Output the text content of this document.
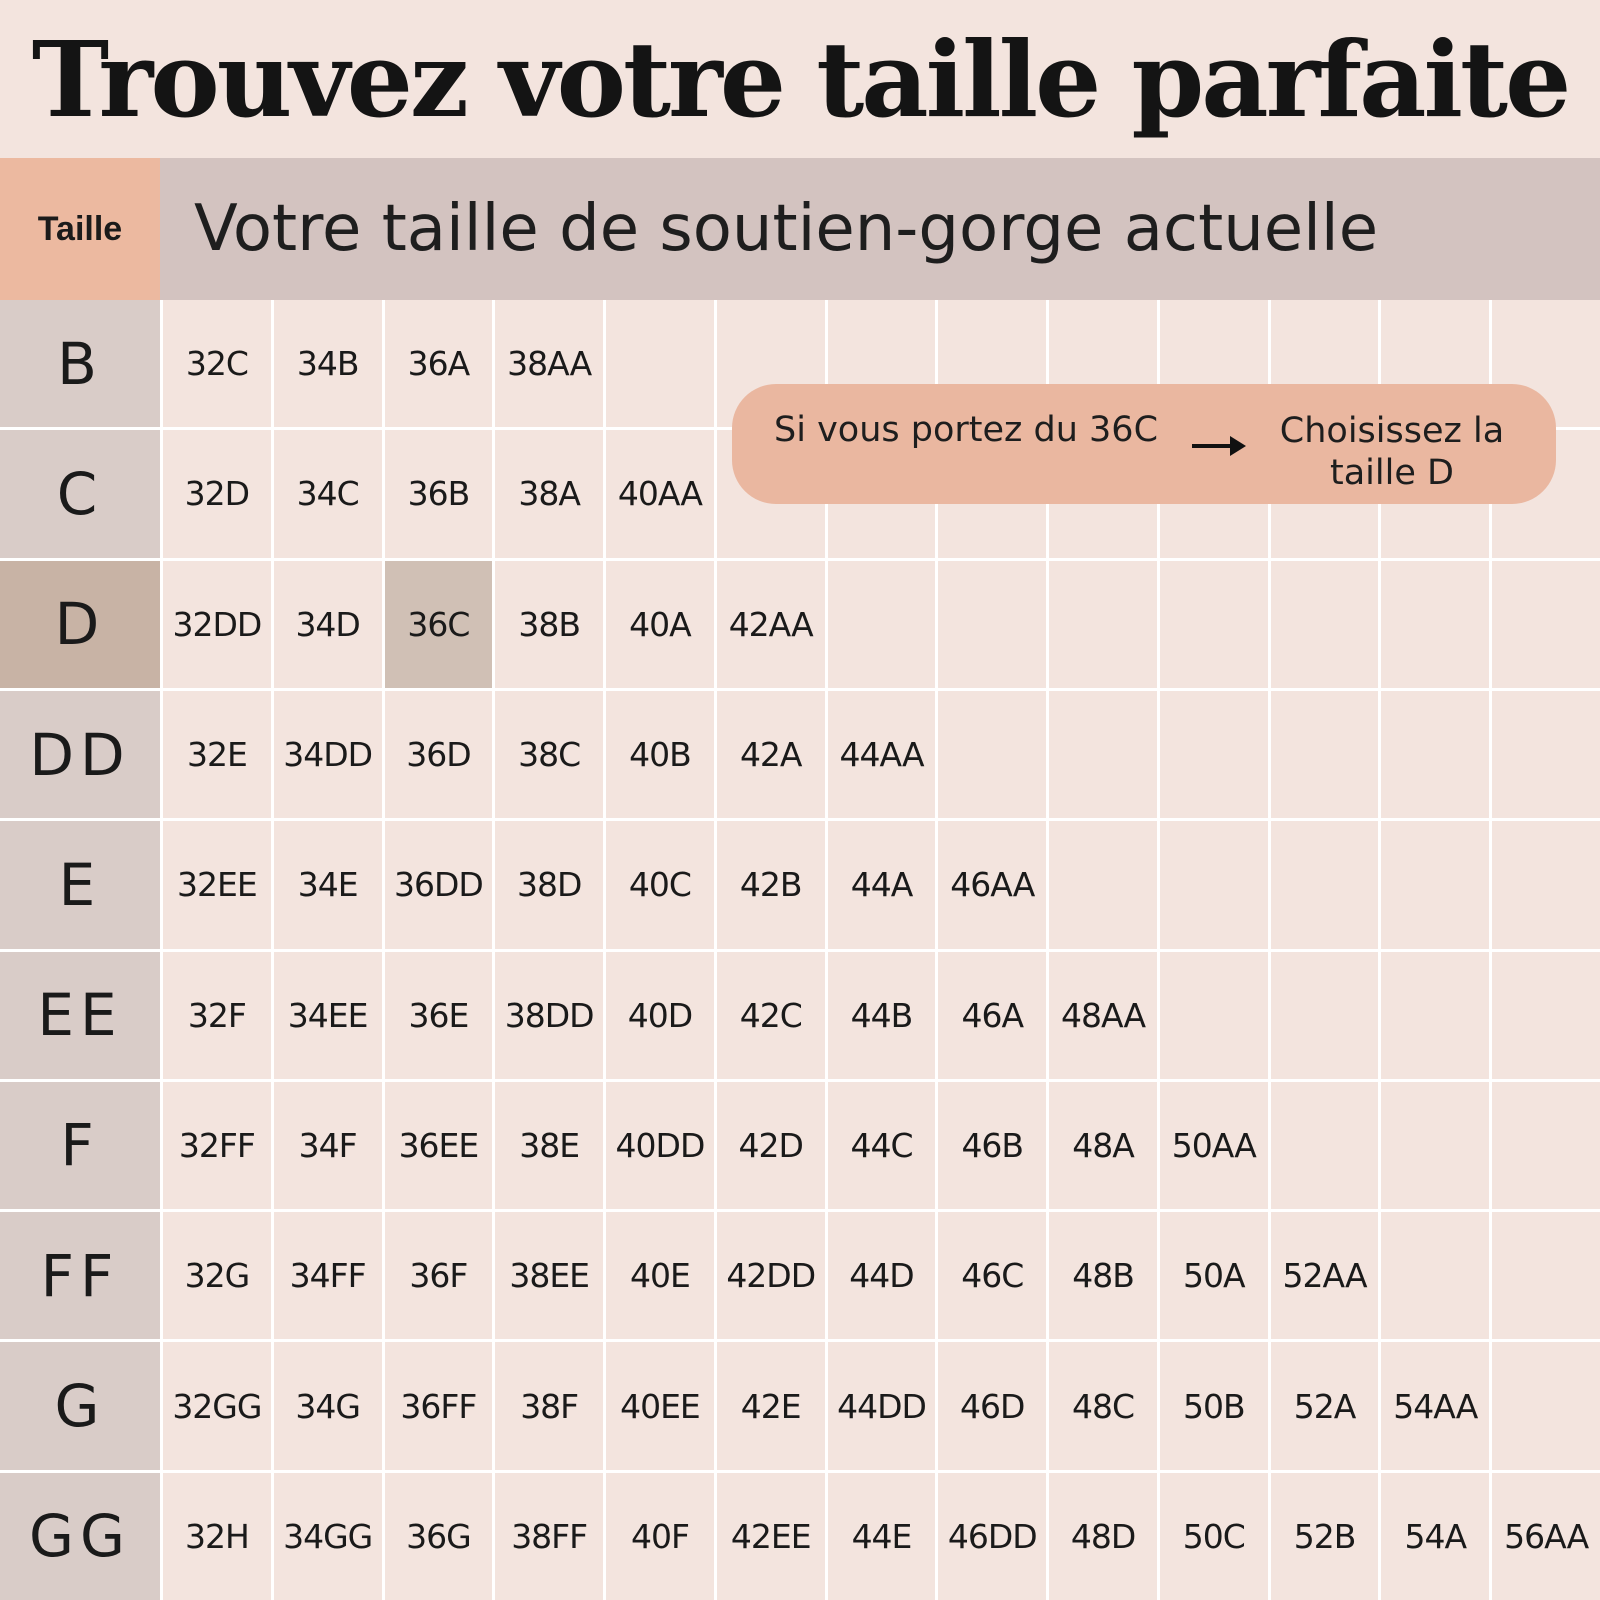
Trouvez votre taille parfaite
Taille	Votre taille de soutien-gorge actuelle
B	32C	34B	36A	38AA
C	32D	34C	36B	38A	40AA
D	32DD	34D	36C	38B	40A	42AA
DD	32E	34DD	36D	38C	40B	42A	44AA
E	32EE	34E	36DD	38D	40C	42B	44A	46AA
EE	32F	34EE	36E	38DD	40D	42C	44B	46A	48AA
F	32FF	34F	36EE	38E	40DD	42D	44C	46B	48A	50AA
FF	32G	34FF	36F	38EE	40E	42DD	44D	46C	48B	50A	52AA
G	32GG	34G	36FF	38F	40EE	42E	44DD	46D	48C	50B	52A	54AA
GG	32H	34GG	36G	38FF	40F	42EE	44E	46DD	48D	50C	52B	54A	56AA
Si vous portez du 36C	Choisissez la
taille D
